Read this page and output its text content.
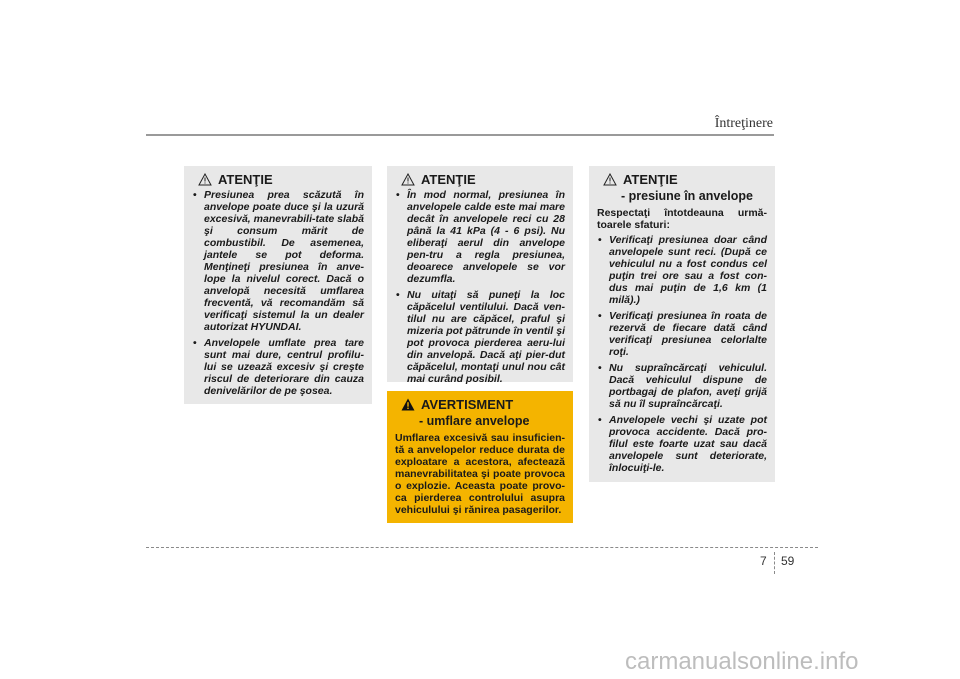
Întreţinere
ATENŢIE
• Presiunea prea scăzută în anvelope poate duce şi la uzură excesivă, manevrabili-tate slabă şi consum mărit de combustibil. De asemenea, jantele se pot deforma. Menţineţi presiunea în anve-lope la nivelul corect. Dacă o anvelopă necesită umflarea frecventă, vă recomandăm să verificaţi sistemul la un dealer autorizat HYUNDAI.
• Anvelopele umflate prea tare sunt mai dure, centrul profilu-lui se uzează excesiv şi creşte riscul de deteriorare din cauza denivelărilor de pe şosea.
ATENŢIE
• În mod normal, presiunea în anvelopele calde este mai mare decât în anvelopele reci cu 28 până la 41 kPa (4 - 6 psi). Nu eliberaţi aerul din anvelope pen-tru a regla presiunea, deoarece anvelopele se vor dezumfla.
• Nu uitaţi să puneţi la loc căpăcelul ventilului. Dacă ven-tilul nu are căpăcel, praful şi mizeria pot pătrunde în ventil şi pot provoca pierderea aeru-lui din anvelopă. Dacă aţi pier-dut căpăcelul, montaţi unul nou cât mai curând posibil.
AVERTISMENT
- umflare anvelope
Umflarea excesivă sau insuficien-tă a anvelopelor reduce durata de exploatare a acestora, afectează manevrabilitatea şi poate provoca o explozie. Aceasta poate provo-ca pierderea controlului asupra vehiculului şi rănirea pasagerilor.
ATENŢIE
- presiune în anvelope
Respectaţi întotdeauna urmă-toarele sfaturi:
• Verificaţi presiunea doar când anvelopele sunt reci. (După ce vehiculul nu a fost condus cel puţin trei ore sau a fost con-dus mai puţin de 1,6 km (1 milă).)
• Verificaţi presiunea în roata de rezervă de fiecare dată când verificaţi presiunea celorlalte roţi.
• Nu supraîncărcaţi vehiculul. Dacă vehiculul dispune de portbagaj de plafon, aveţi grijă să nu îl supraîncărcaţi.
• Anvelopele vechi şi uzate pot provoca accidente. Dacă pro-filul este foarte uzat sau dacă anvelopele sunt deteriorate, înlocuiţi-le.
7 59
carmanualsonline.info
